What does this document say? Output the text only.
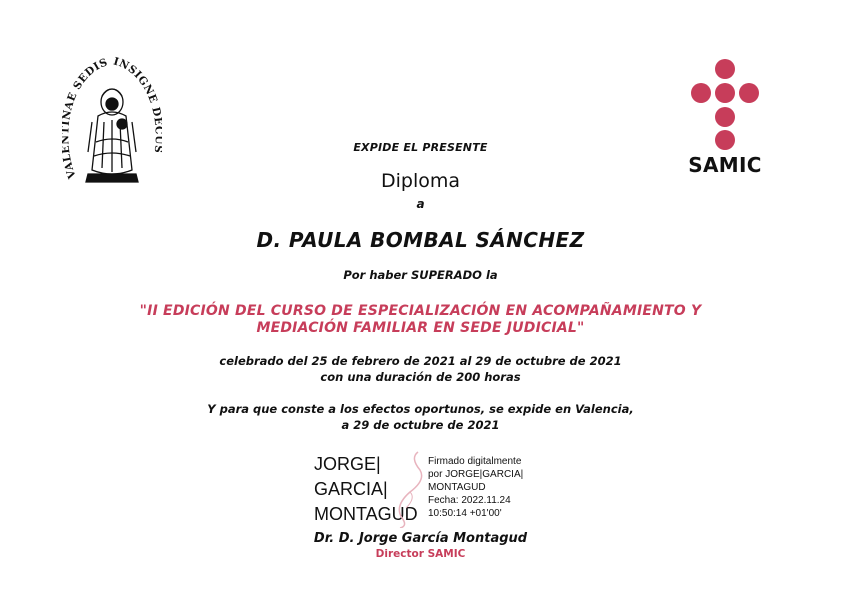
VA AE SEDIS INSIGNE D
SAMIC
EXPIDE EL PRESENTE
Diploma
a
D. PAULA BOMBAL SÁNCHEZ
Por haber SUPERADO la
"II EDICIÓN DEL CURSO DE ESPECIALIZACIÓN EN ACOMPAÑAMIENTO Y
MEDIACIÓN FAMILIAR EN SEDE JUDICIAL"
celebrado del 25 de febrero de 2021 al 29 de octubre de 2021
con una duración de 200 horas
Y para que conste a los efectos oportunos, se expide en Valencia,
a 29 de octubre de 2021
JORGE|
GARCIA|
MONTAGUD
Firmado digitalmente
por JORGE|GARCIA|
MONTAGUD
Fecha: 2022.11.24
10:50:14 +01'00'
Dr. D. Jorge García Montagud
Director SAMIC
